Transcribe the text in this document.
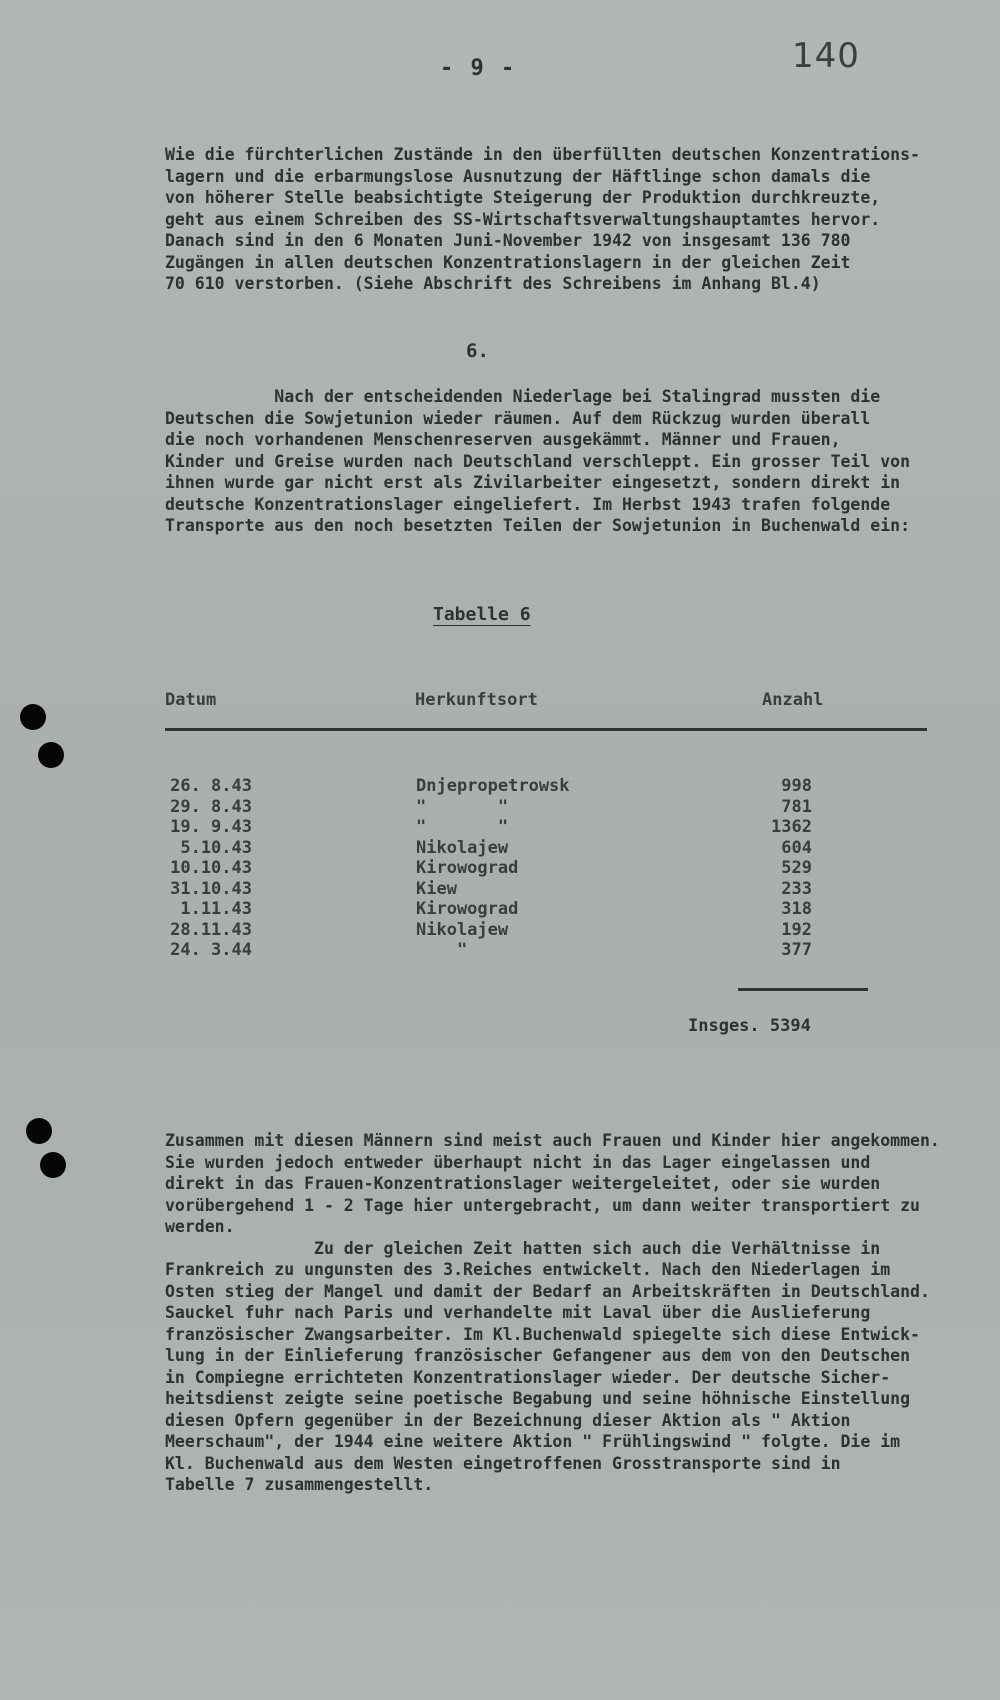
- 9 -	140

Wie die fürchterlichen Zustände in den überfüllten deutschen Konzentrations-

lagern und die erbarmungslose Ausnutzung der Häftlinge schon damals die

von höherer Stelle beabsichtigte Steigerung der Produktion durchkreuzte,

geht aus einem Schreiben des SS-Wirtschaftsverwaltungshauptamtes hervor.

Danach sind in den 6 Monaten Juni-November 1942 von insgesamt 136 780

Zugängen in allen deutschen Konzentrationslagern in der gleichen Zeit

70 610 verstorben. (Siehe Abschrift des Schreibens im Anhang Bl.4)

6.

Nach der entscheidenden Niederlage bei Stalingrad mussten die

Deutschen die Sowjetunion wieder räumen. Auf dem Rückzug wurden überall

die noch vorhandenen Menschenreserven ausgekämmt. Männer und Frauen,

Kinder und Greise wurden nach Deutschland verschleppt. Ein grosser Teil von

ihnen wurde gar nicht erst als Zivilarbeiter eingesetzt, sondern direkt in

deutsche Konzentrationslager eingeliefert. Im Herbst 1943 trafen folgende

Transporte aus den noch besetzten Teilen der Sowjetunion in Buchenwald ein:

Tabelle 6
Datum	Herkunftsort	Anzahl
26. 8.43	Dnjepropetrowsk	998
29. 8.43	"       "	781
19. 9.43	"       "	1362
5.10.43	Nikolajew	604
10.10.43	Kirowograd	529
31.10.43	Kiew	233
1.11.43	Kirowograd	318
28.11.43	Nikolajew	192
24. 3.44	"	377
Insges. 5394

Zusammen mit diesen Männern sind meist auch Frauen und Kinder hier angekommen.

Sie wurden jedoch entweder überhaupt nicht in das Lager eingelassen und

direkt in das Frauen-Konzentrationslager weitergeleitet, oder sie wurden

vorübergehend 1 - 2 Tage hier untergebracht, um dann weiter transportiert zu

werden.

Zu der gleichen Zeit hatten sich auch die Verhältnisse in

Frankreich zu ungunsten des 3.Reiches entwickelt. Nach den Niederlagen im

Osten stieg der Mangel und damit der Bedarf an Arbeitskräften in Deutschland.

Sauckel fuhr nach Paris und verhandelte mit Laval über die Auslieferung

französischer Zwangsarbeiter. Im Kl.Buchenwald spiegelte sich diese Entwick-

lung in der Einlieferung französischer Gefangener aus dem von den Deutschen

in Compiegne errichteten Konzentrationslager wieder. Der deutsche Sicher-

heitsdienst zeigte seine poetische Begabung und seine höhnische Einstellung

diesen Opfern gegenüber in der Bezeichnung dieser Aktion als " Aktion

Meerschaum", der 1944 eine weitere Aktion " Frühlingswind " folgte. Die im

Kl. Buchenwald aus dem Westen eingetroffenen Grosstransporte sind in

Tabelle 7 zusammengestellt.
